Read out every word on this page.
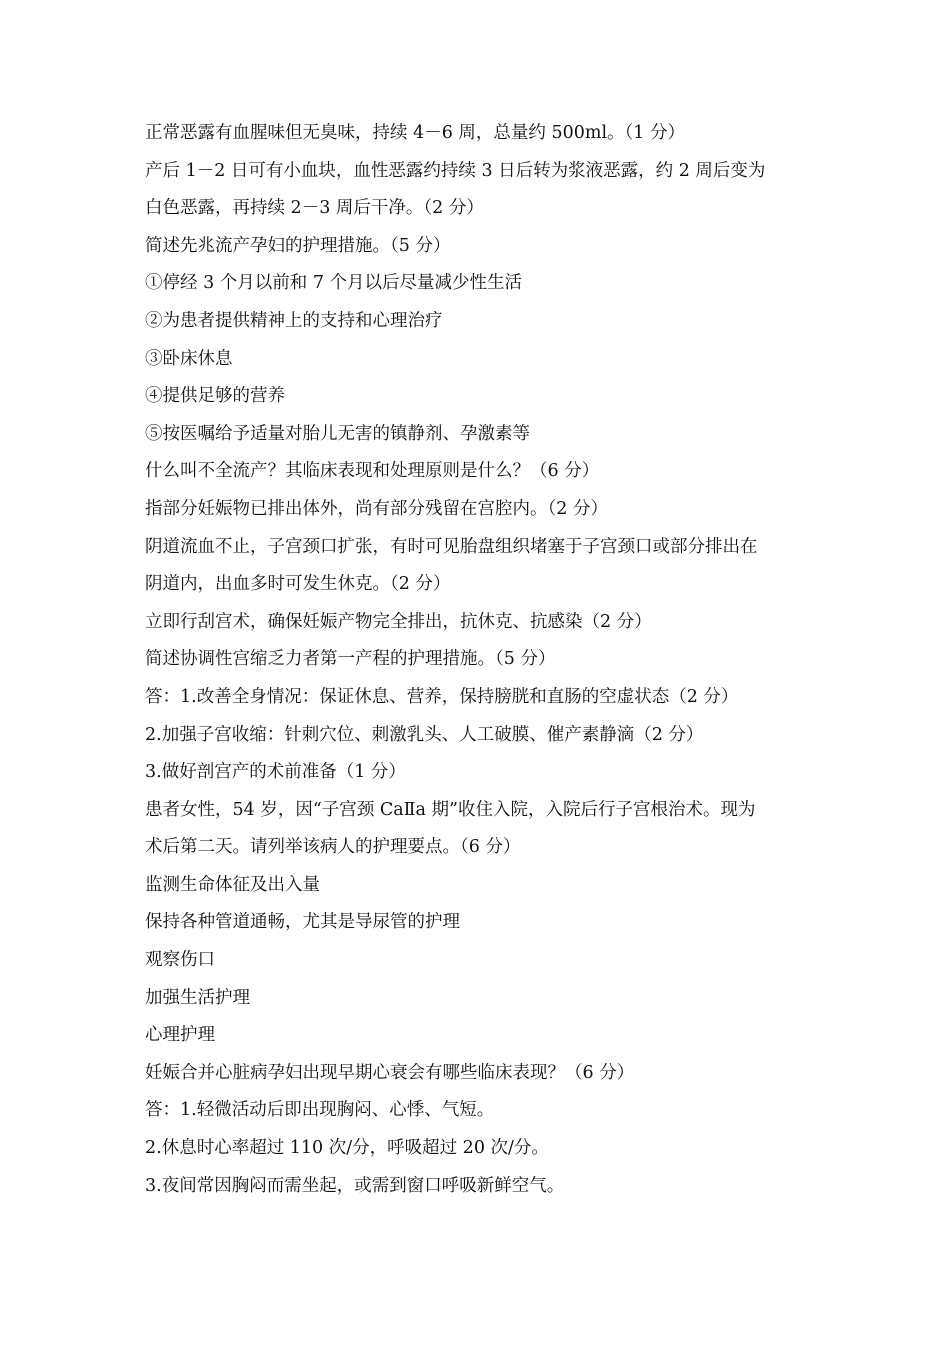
正常恶露有血腥味但无臭味，持续 4－6 周，总量约 500ml。（1 分）
产后 1－2 日可有小血块，血性恶露约持续 3 日后转为浆液恶露，约 2 周后变为
白色恶露，再持续 2－3 周后干净。（2 分）
简述先兆流产孕妇的护理措施。（5 分）
①停经 3 个月以前和 7 个月以后尽量减少性生活
②为患者提供精神上的支持和心理治疗
③卧床休息
④提供足够的营养
⑤按医嘱给予适量对胎儿无害的镇静剂、孕激素等
什么叫不全流产？其临床表现和处理原则是什么？（6 分）
指部分妊娠物已排出体外，尚有部分残留在宫腔内。（2 分）
阴道流血不止，子宫颈口扩张，有时可见胎盘组织堵塞于子宫颈口或部分排出在
阴道内，出血多时可发生休克。（2 分）
立即行刮宫术，确保妊娠产物完全排出，抗休克、抗感染（2 分）
简述协调性宫缩乏力者第一产程的护理措施。（5 分）
答：1.改善全身情况：保证休息、营养，保持膀胱和直肠的空虚状态（2 分）
2.加强子宫收缩：针刺穴位、刺激乳头、人工破膜、催产素静滴（2 分）
3.做好剖宫产的术前准备（1 分）
患者女性，54 岁，因“子宫颈 CaⅡa 期”收住入院，入院后行子宫根治术。现为
术后第二天。请列举该病人的护理要点。（6 分）
监测生命体征及出入量
保持各种管道通畅，尤其是导尿管的护理
观察伤口
加强生活护理
心理护理
妊娠合并心脏病孕妇出现早期心衰会有哪些临床表现？（6 分）
答：1.轻微活动后即出现胸闷、心悸、气短。
2.休息时心率超过 110 次/分，呼吸超过 20 次/分。
3.夜间常因胸闷而需坐起，或需到窗口呼吸新鲜空气。
